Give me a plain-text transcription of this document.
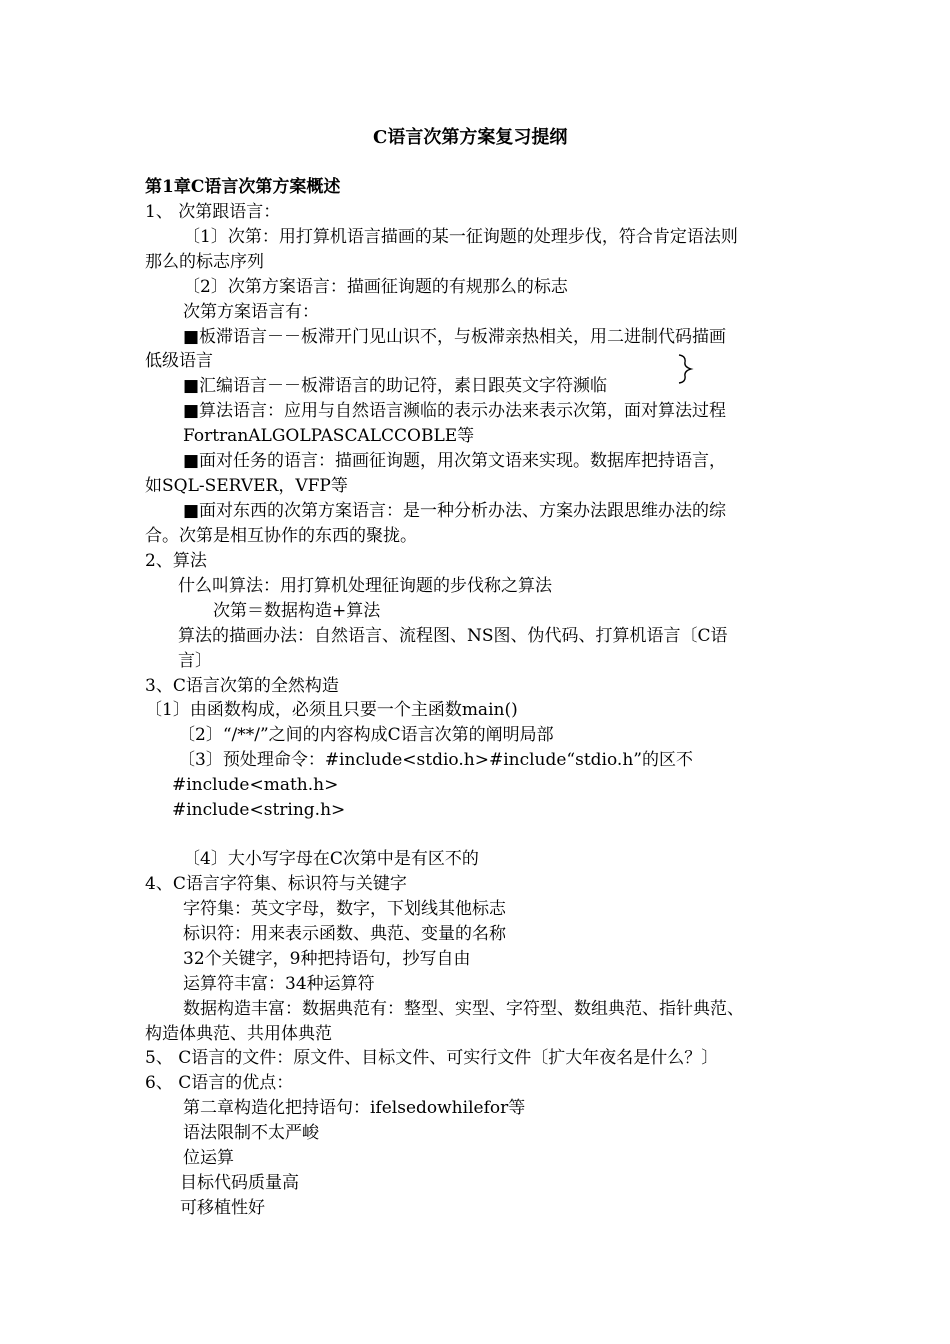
C语言次第方案复习提纲
第1章C语言次第方案概述
1、 次第跟语言：
〔1〕次第：用打算机语言描画的某一征询题的处理步伐，符合肯定语法则
那么的标志序列
〔2〕次第方案语言：描画征询题的有规那么的标志
次第方案语言有：
■板滞语言－－板滞开门见山识不，与板滞亲热相关，用二进制代码描画
低级语言
■汇编语言－－板滞语言的助记符，素日跟英文字符濒临
■算法语言：应用与自然语言濒临的表示办法来表示次第，面对算法过程
FortranALGOLPASCALCCOBLE等
■面对任务的语言：描画征询题，用次第文语来实现。数据库把持语言，
如SQL-SERVER，VFP等
■面对东西的次第方案语言：是一种分析办法、方案办法跟思维办法的综
合。次第是相互协作的东西的聚拢。
2、算法
什么叫算法：用打算机处理征询题的步伐称之算法
次第＝数据构造+算法
算法的描画办法：自然语言、流程图、NS图、伪代码、打算机语言〔C语
言〕
3、C语言次第的全然构造
〔1〕由函数构成，必须且只要一个主函数main()
〔2〕“/**/”之间的内容构成C语言次第的阐明局部
〔3〕预处理命令：#include<stdio.h>#include“stdio.h”的区不
#include<math.h>
#include<string.h>
〔4〕大小写字母在C次第中是有区不的
4、C语言字符集、标识符与关键字
字符集：英文字母，数字，下划线其他标志
标识符：用来表示函数、典范、变量的名称
32个关键字，9种把持语句，抄写自由
运算符丰富：34种运算符
数据构造丰富：数据典范有：整型、实型、字符型、数组典范、指针典范、
构造体典范、共用体典范
5、 C语言的文件：原文件、目标文件、可实行文件〔扩大年夜名是什么？〕
6、 C语言的优点：
第二章构造化把持语句：ifelsedowhilefor等
语法限制不太严峻
位运算
目标代码质量高
可移植性好
